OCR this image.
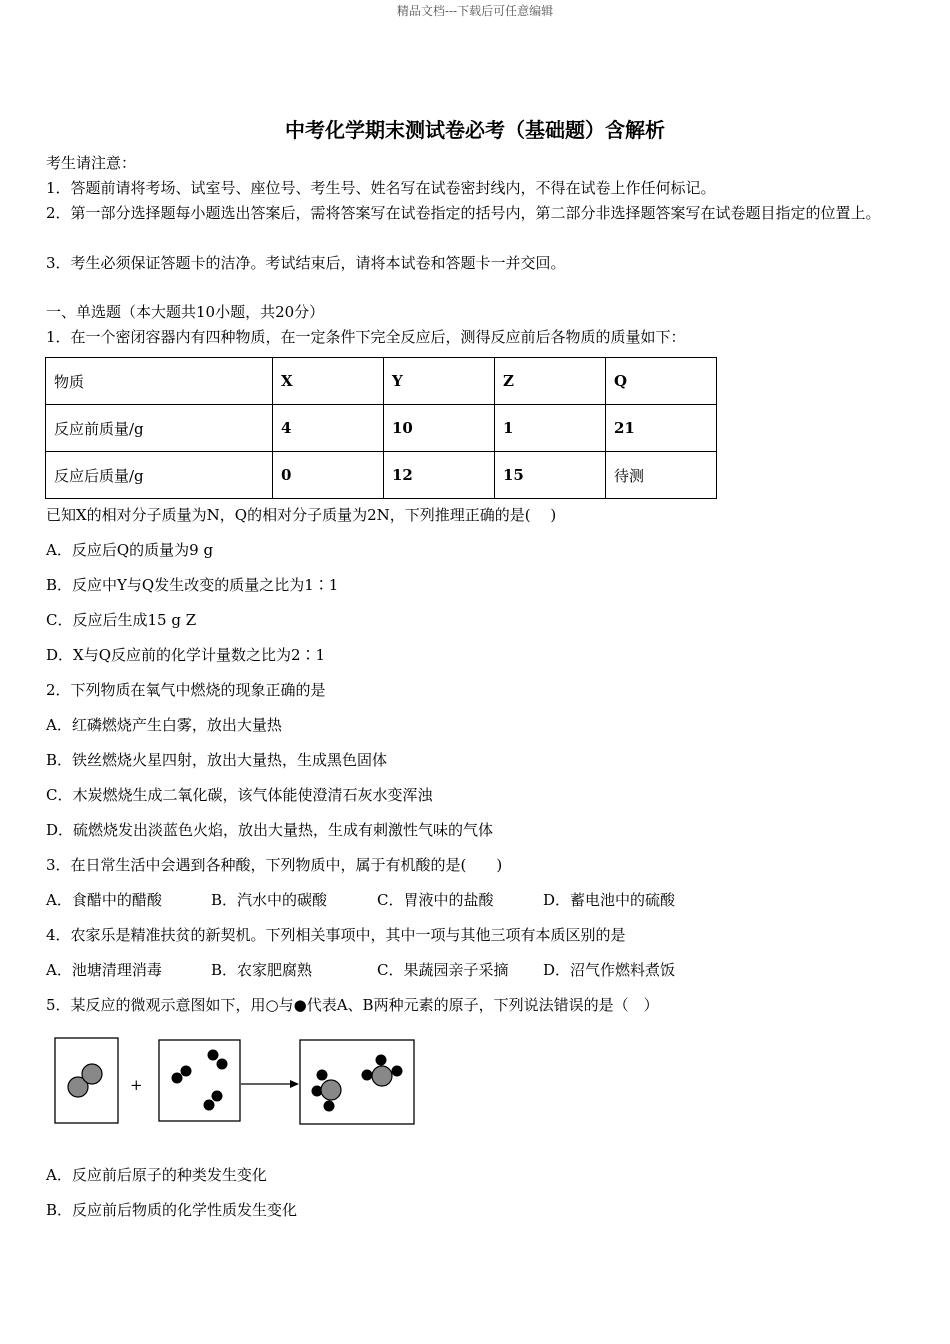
精品文档---下载后可任意编辑
中考化学期末测试卷必考（基础题）含解析
考生请注意：
1．答题前请将考场、试室号、座位号、考生号、姓名写在试卷密封线内，不得在试卷上作任何标记。
2．第一部分选择题每小题选出答案后，需将答案写在试卷指定的括号内，第二部分非选择题答案写在试卷题目指定的位置上。
3．考生必须保证答题卡的洁净。考试结束后，请将本试卷和答题卡一并交回。
一、单选题（本大题共10小题，共20分）
1．在一个密闭容器内有四种物质，在一定条件下完全反应后，测得反应前后各物质的质量如下：
物质	X	Y	Z	Q
反应前质量/g	4	10	1	21
反应后质量/g	0	12	15	待测
已知X的相对分子质量为N，Q的相对分子质量为2N，下列推理正确的是(　 )
A．反应后Q的质量为9 g
B．反应中Y与Q发生改变的质量之比为1∶1
C．反应后生成15 g Z
D．X与Q反应前的化学计量数之比为2∶1
2．下列物质在氧气中燃烧的现象正确的是
A．红磷燃烧产生白雾，放出大量热
B．铁丝燃烧火星四射，放出大量热，生成黑色固体
C．木炭燃烧生成二氧化碳，该气体能使澄清石灰水变浑浊
D．硫燃烧发出淡蓝色火焰，放出大量热，生成有刺激性气味的气体
3．在日常生活中会遇到各种酸，下列物质中，属于有机酸的是(　　)
A．食醋中的醋酸	B．汽水中的碳酸	C．胃液中的盐酸	D．蓄电池中的硫酸
4．农家乐是精准扶贫的新契机。下列相关事项中，其中一项与其他三项有本质区别的是
A．池塘清理消毒	B．农家肥腐熟	C．果蔬园亲子采摘 D．沼气作燃料煮饭
5．某反应的微观示意图如下，用○与●代表A、B两种元素的原子，下列说法错误的是（　）
+
A．反应前后原子的种类发生变化
B．反应前后物质的化学性质发生变化
